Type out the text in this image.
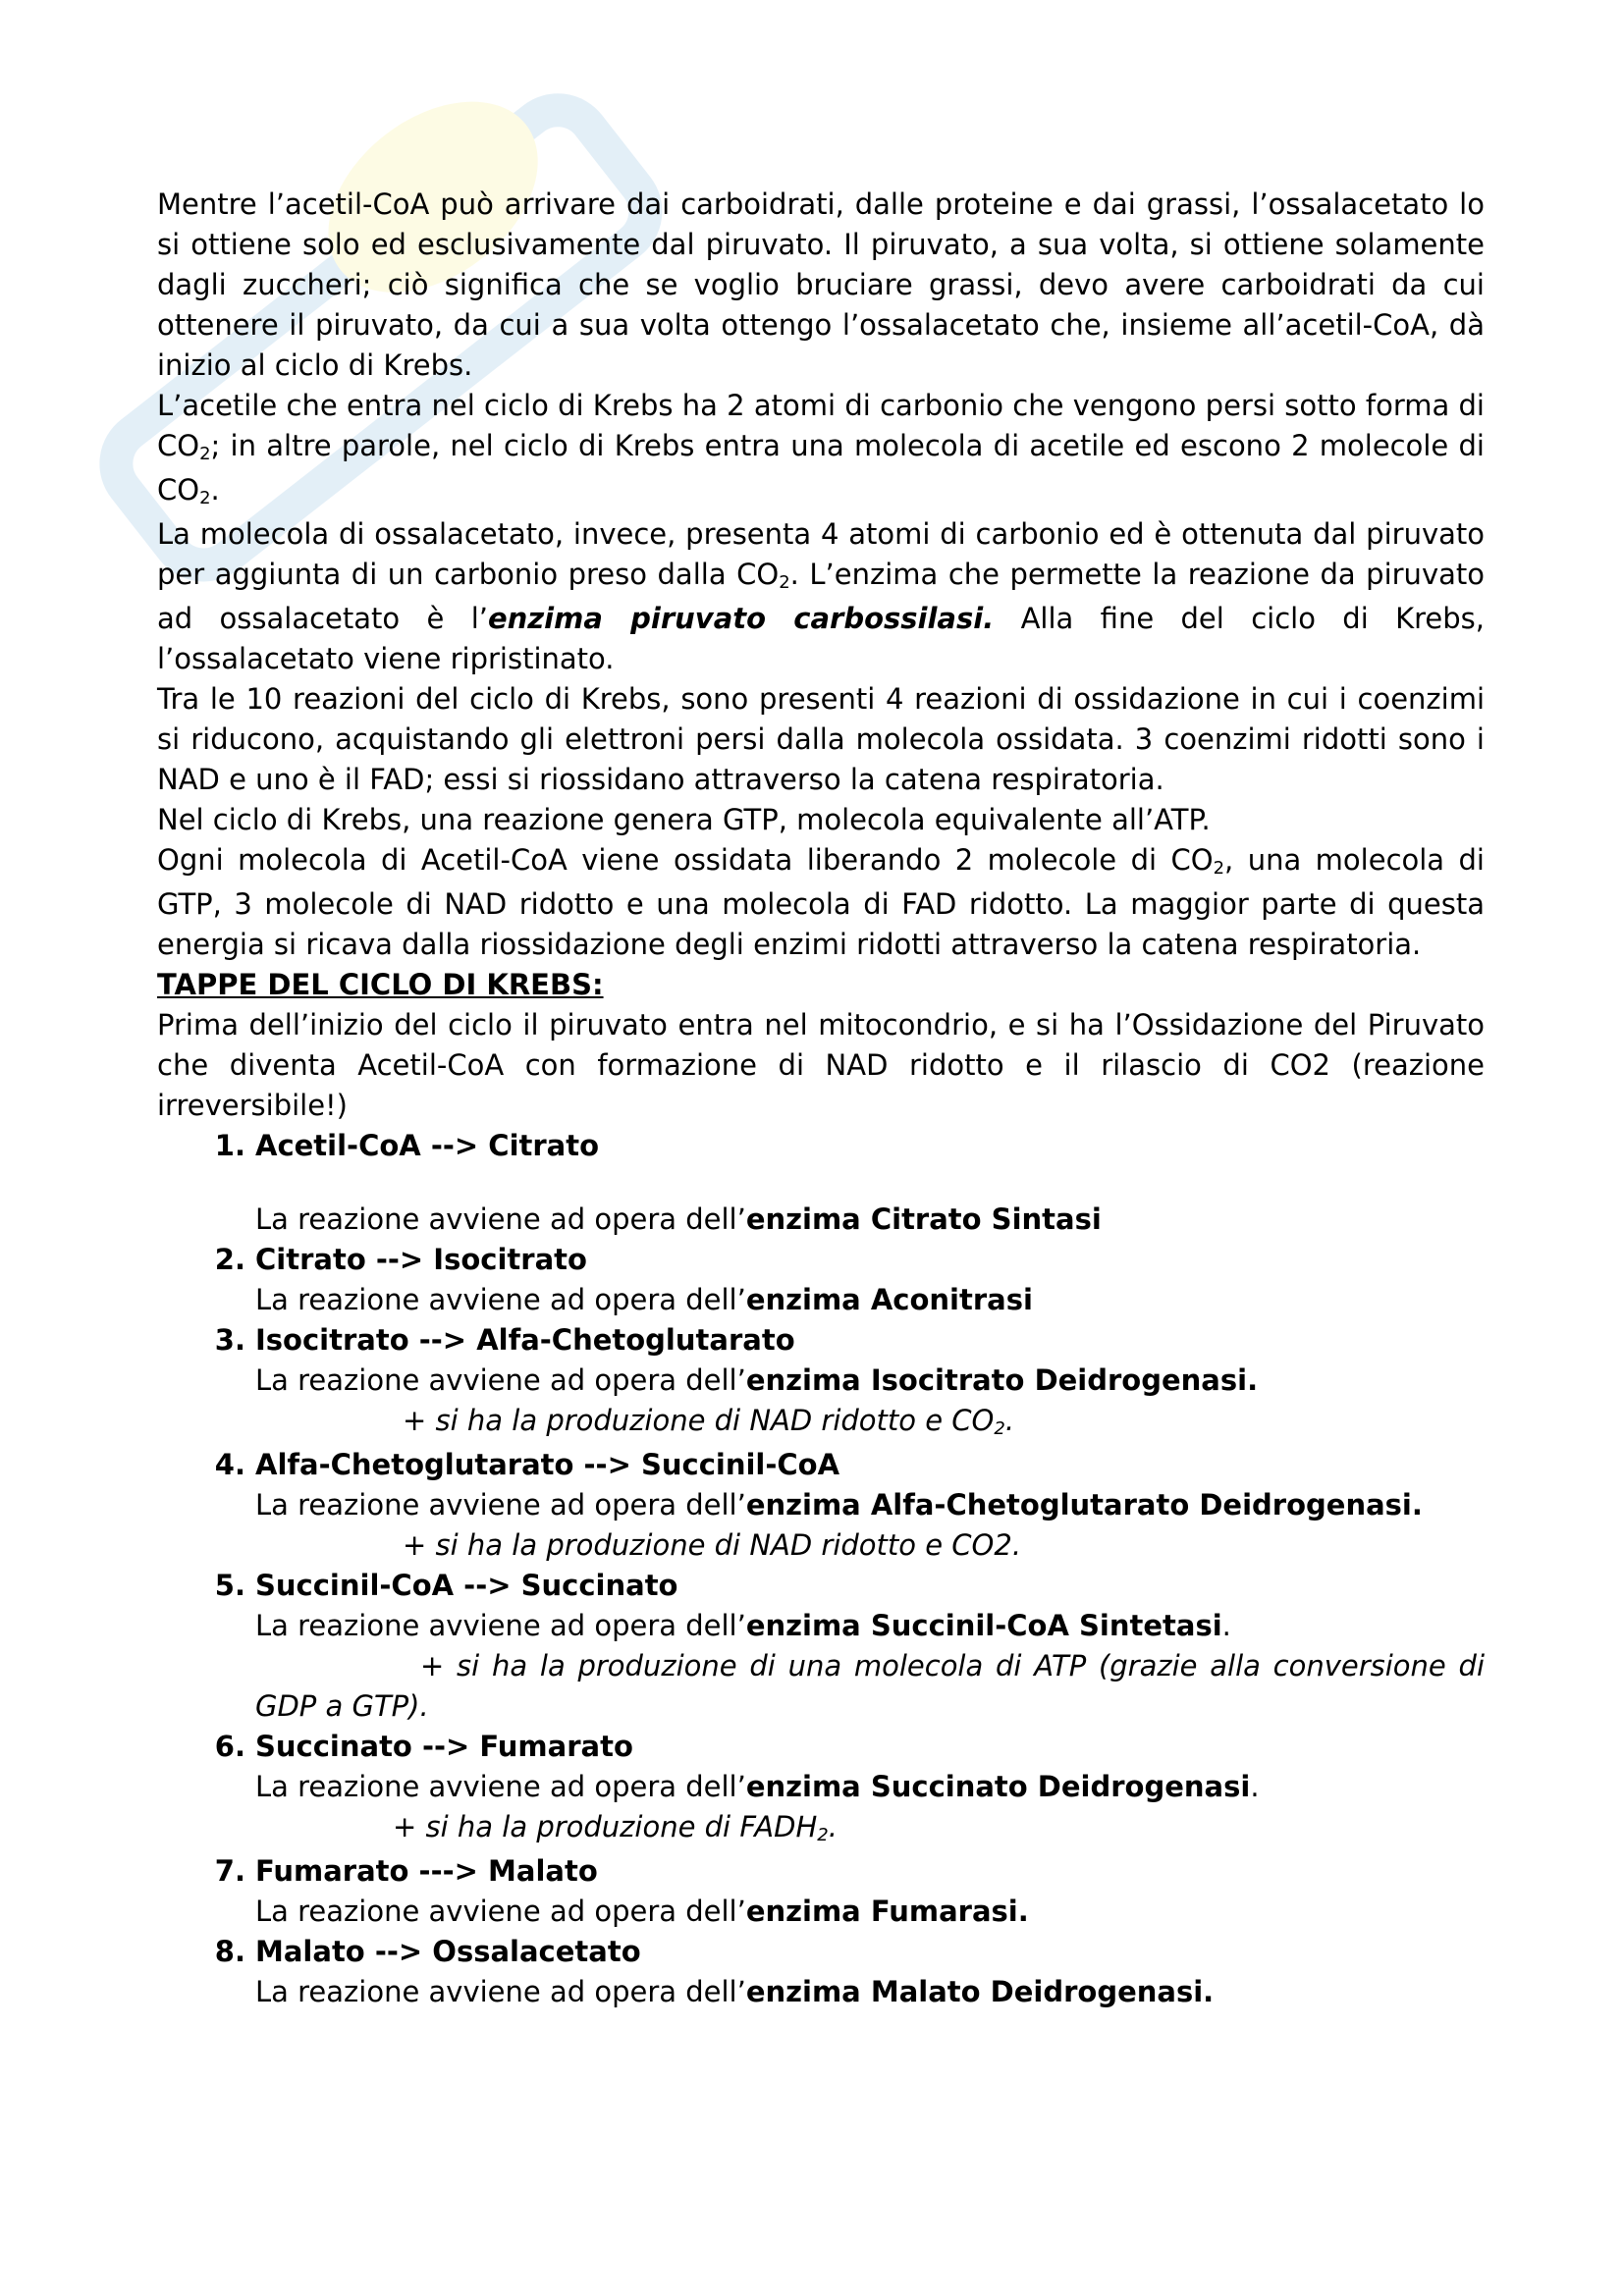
Mentre l’acetil-CoA può arrivare dai carboidrati, dalle proteine e dai grassi, l’ossalacetato lo si ottiene solo ed esclusivamente dal piruvato. Il piruvato, a sua volta, si ottiene solamente dagli zuccheri; ciò significa che se voglio bruciare grassi, devo avere carboidrati da cui ottenere il piruvato, da cui a sua volta ottengo l’ossalacetato che, insieme all’acetil-CoA, dà inizio al ciclo di Krebs.

L’acetile che entra nel ciclo di Krebs ha 2 atomi di carbonio che vengono persi sotto forma di $CO_2$; in altre parole, nel ciclo di Krebs entra una molecola di acetile ed escono 2 molecole di $CO_2$.

La molecola di ossalacetato, invece, presenta 4 atomi di carbonio ed è ottenuta dal piruvato per aggiunta di un carbonio preso dalla $CO_2$. L’enzima che permette la reazione da piruvato ad ossalacetato è l’enzima piruvato carbossilasi. Alla fine del ciclo di Krebs, l’ossalacetato viene ripristinato.

Tra le 10 reazioni del ciclo di Krebs, sono presenti 4 reazioni di ossidazione in cui i coenzimi si riducono, acquistando gli elettroni persi dalla molecola ossidata. 3 coenzimi ridotti sono i NAD e uno è il FAD; essi si riossidano attraverso la catena respiratoria.

Nel ciclo di Krebs, una reazione genera GTP, molecola equivalente all’ATP.

Ogni molecola di Acetil-CoA viene ossidata liberando 2 molecole di $CO_2$, una molecola di GTP, 3 molecole di NAD ridotto e una molecola di FAD ridotto. La maggior parte di questa energia si ricava dalla riossidazione degli enzimi ridotti attraverso la catena respiratoria.

TAPPE DEL CICLO DI KREBS:

Prima dell’inizio del ciclo il piruvato entra nel mitocondrio, e si ha l’Ossidazione del Piruvato che diventa Acetil-CoA con formazione di NAD ridotto e il rilascio di CO2 (reazione irreversibile!)

1. Acetil-CoA --> Citrato
La reazione avviene ad opera dell’enzima Citrato Sintasi
2. Citrato --> Isocitrato
La reazione avviene ad opera dell’enzima Aconitrasi
3. Isocitrato --> Alfa-Chetoglutarato
La reazione avviene ad opera dell’enzima Isocitrato Deidrogenasi.
+ si ha la produzione di NAD ridotto e $CO_2$.
4. Alfa-Chetoglutarato --> Succinil-CoA
La reazione avviene ad opera dell’enzima Alfa-Chetoglutarato Deidrogenasi.
+ si ha la produzione di NAD ridotto e CO2.
5. Succinil-CoA --> Succinato
La reazione avviene ad opera dell’enzima Succinil-CoA Sintetasi.
+ si ha la produzione di una molecola di ATP (grazie alla conversione di GDP a GTP).
6. Succinato --> Fumarato
La reazione avviene ad opera dell’enzima Succinato Deidrogenasi.
+ si ha la produzione di $FADH_2$.
7. Fumarato ---> Malato
La reazione avviene ad opera dell’enzima Fumarasi.
8. Malato --> Ossalacetato
La reazione avviene ad opera dell’enzima Malato Deidrogenasi.
